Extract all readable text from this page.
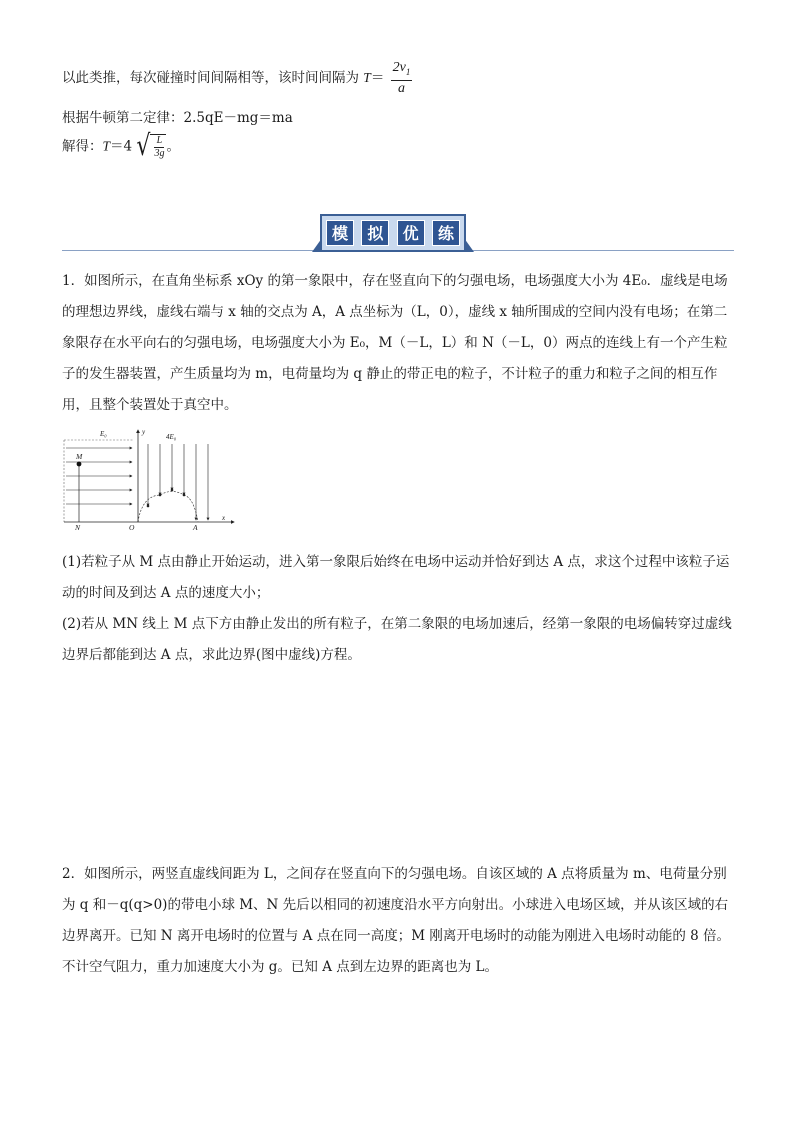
以此类推，每次碰撞时间间隔相等，该时间间隔为 $T= \frac{2v_1}{a}$
根据牛顿第二定律：2.5qE－mg＝ma
解得：T＝4 √ $\frac{L}{3g}$ 。
模	拟	优	练
1．如图所示，在直角坐标系 xOy 的第一象限中，存在竖直向下的匀强电场，电场强度大小为 4E₀．虚线是电场的理想边界线，虚线右端与 x 轴的交点为 A，A 点坐标为（L，0），虚线 x 轴所围成的空间内没有电场；在第二象限存在水平向右的匀强电场，电场强度大小为 E₀，M（－L，L）和 N（－L，0）两点的连线上有一个产生粒子的发生器装置，产生质量均为 m，电荷量均为 q 静止的带正电的粒子，不计粒子的重力和粒子之间的相互作用，且整个装置处于真空中。
E₀	4E₀
y
x
M
N	O	A
(1)若粒子从 M 点由静止开始运动，进入第一象限后始终在电场中运动并恰好到达 A 点，求这个过程中该粒子运动的时间及到达 A 点的速度大小；
(2)若从 MN 线上 M 点下方由静止发出的所有粒子，在第二象限的电场加速后，经第一象限的电场偏转穿过虚线边界后都能到达 A 点，求此边界(图中虚线)方程。
2．如图所示，两竖直虚线间距为 L，之间存在竖直向下的匀强电场。自该区域的 A 点将质量为 m、电荷量分别为 q 和－q(q>0)的带电小球 M、N 先后以相同的初速度沿水平方向射出。小球进入电场区域，并从该区域的右边界离开。已知 N 离开电场时的位置与 A 点在同一高度；M 刚离开电场时的动能为刚进入电场时动能的 8 倍。不计空气阻力，重力加速度大小为 g。已知 A 点到左边界的距离也为 L。
